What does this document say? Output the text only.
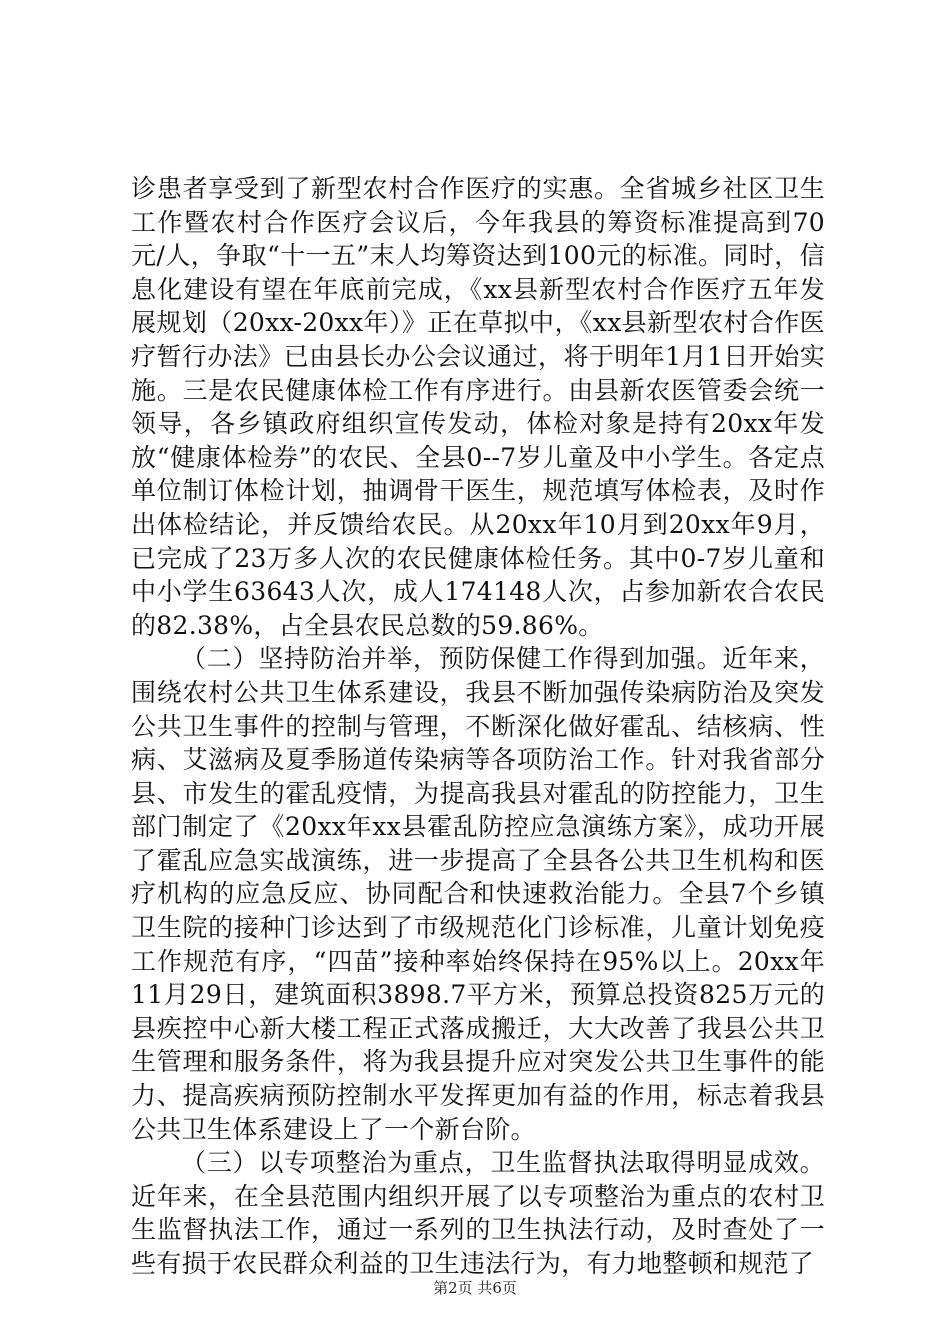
诊患者享受到了新型农村合作医疗的实惠。全省城乡社区卫生工作暨农村合作医疗会议后，今年我县的筹资标准提高到70元/人，争取“十一五”末人均筹资达到100元的标准。同时，信息化建设有望在年底前完成，《xx县新型农村合作医疗五年发展规划（20xx-20xx年）》正在草拟中，《xx县新型农村合作医疗暂行办法》已由县长办公会议通过，将于明年1月1日开始实施。三是农民健康体检工作有序进行。由县新农医管委会统一领导，各乡镇政府组织宣传发动，体检对象是持有20xx年发放“健康体检券”的农民、全县0--7岁儿童及中小学生。各定点单位制订体检计划，抽调骨干医生，规范填写体检表，及时作出体检结论，并反馈给农民。从20xx年10月到20xx年9月，已完成了23万多人次的农民健康体检任务。其中0-7岁儿童和中小学生63643人次，成人174148人次，占参加新农合农民的82.38%，占全县农民总数的59.86%。

（二）坚持防治并举，预防保健工作得到加强。近年来，围绕农村公共卫生体系建设，我县不断加强传染病防治及突发公共卫生事件的控制与管理，不断深化做好霍乱、结核病、性病、艾滋病及夏季肠道传染病等各项防治工作。针对我省部分县、市发生的霍乱疫情，为提高我县对霍乱的防控能力，卫生部门制定了《20xx年xx县霍乱防控应急演练方案》，成功开展了霍乱应急实战演练，进一步提高了全县各公共卫生机构和医疗机构的应急反应、协同配合和快速救治能力。全县7个乡镇卫生院的接种门诊达到了市级规范化门诊标准，儿童计划免疫工作规范有序，“四苗”接种率始终保持在95%以上。20xx年11月29日，建筑面积3898.7平方米，预算总投资825万元的县疾控中心新大楼工程正式落成搬迁，大大改善了我县公共卫生管理和服务条件，将为我县提升应对突发公共卫生事件的能力、提高疾病预防控制水平发挥更加有益的作用，标志着我县公共卫生体系建设上了一个新台阶。

（三）以专项整治为重点，卫生监督执法取得明显成效。近年来，在全县范围内组织开展了以专项整治为重点的农村卫生监督执法工作，通过一系列的卫生执法行动，及时查处了一些有损于农民群众利益的卫生违法行为，有力地整顿和规范了

第2页 共6页
